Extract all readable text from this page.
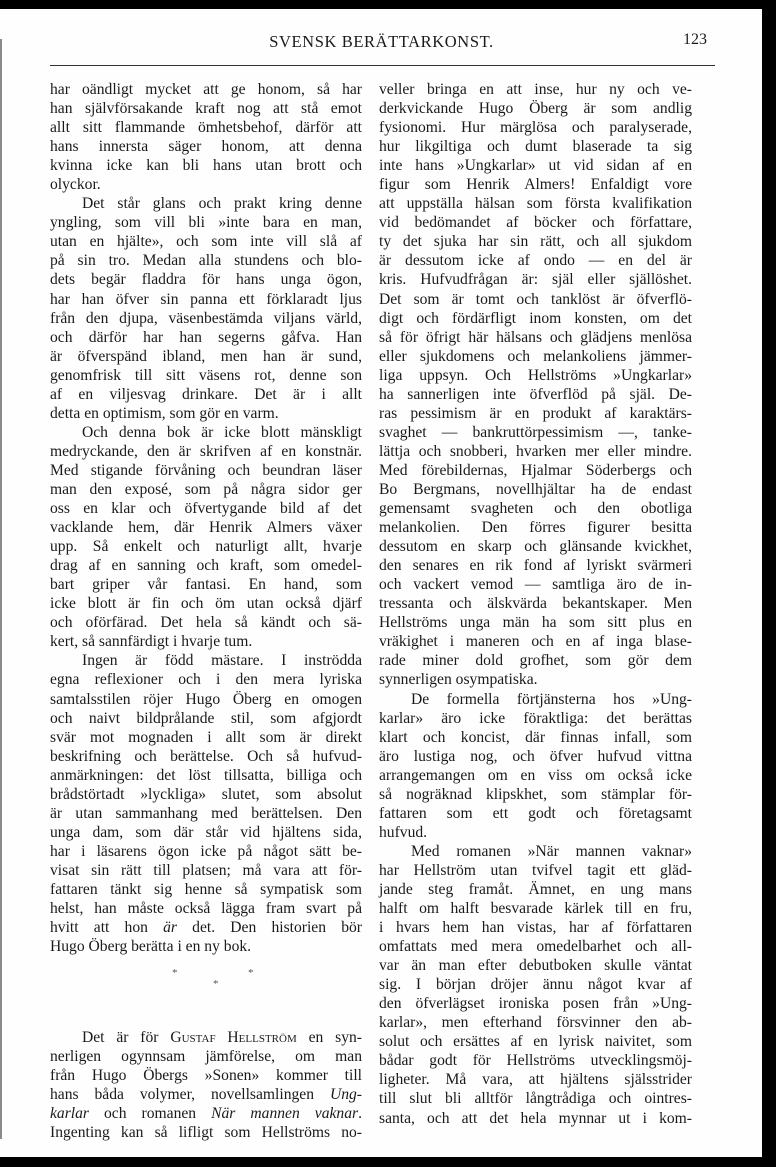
SVENSK BERÄTTARKONST.	123
har oändligt mycket att ge honom, så har
han självförsakande kraft nog att stå emot
allt sitt flammande ömhetsbehof, därför att
hans innersta säger honom, att denna
kvinna icke kan bli hans utan brott och
olyckor.
Det står glans och prakt kring denne
yngling, som vill bli »inte bara en man,
utan en hjälte», och som inte vill slå af
på sin tro. Medan alla stundens och blo-
dets begär fladdra för hans unga ögon,
har han öfver sin panna ett förklaradt ljus
från den djupa, väsenbestämda viljans värld,
och därför har han segerns gåfva. Han
är öfverspänd ibland, men han är sund,
genomfrisk till sitt väsens rot, denne son
af en viljesvag drinkare. Det är i allt
detta en optimism, som gör en varm.
Och denna bok är icke blott mänskligt
medryckande, den är skrifven af en konstnär.
Med stigande förvåning och beundran läser
man den exposé, som på några sidor ger
oss en klar och öfvertygande bild af det
vacklande hem, där Henrik Almers växer
upp. Så enkelt och naturligt allt, hvarje
drag af en sanning och kraft, som omedel-
bart griper vår fantasi. En hand, som
icke blott är fin och öm utan också djärf
och oförfärad. Det hela så kändt och sä-
kert, så sannfärdigt i hvarje tum.
Ingen är född mästare. I inströdda
egna reflexioner och i den mera lyriska
samtalsstilen röjer Hugo Öberg en omogen
och naivt bildprålande stil, som afgjordt
svär mot mognaden i allt som är direkt
beskrifning och berättelse. Och så hufvud-
anmärkningen: det löst tillsatta, billiga och
brådstörtadt »lyckliga» slutet, som absolut
är utan sammanhang med berättelsen. Den
unga dam, som där står vid hjältens sida,
har i läsarens ögon icke på något sätt be-
visat sin rätt till platsen; må vara att för-
fattaren tänkt sig henne så sympatisk som
helst, han måste också lägga fram svart på
hvitt att hon är det. Den historien bör
Hugo Öberg berätta i en ny bok.
*	*
*
Det är för Gustaf Hellström en syn-
nerligen ogynnsam jämförelse, om man
från Hugo Öbergs »Sonen» kommer till
hans båda volymer, novellsamlingen Ung-
karlar och romanen När mannen vaknar.
Ingenting kan så lifligt som Hellströms no-
veller bringa en att inse, hur ny och ve-
derkvickande Hugo Öberg är som andlig
fysionomi. Hur märglösa och paralyserade,
hur likgiltiga och dumt blaserade ta sig
inte hans »Ungkarlar» ut vid sidan af en
figur som Henrik Almers! Enfaldigt vore
att uppställa hälsan som första kvalifikation
vid bedömandet af böcker och författare,
ty det sjuka har sin rätt, och all sjukdom
är dessutom icke af ondo — en del är
kris. Hufvudfrågan är: själ eller själlöshet.
Det som är tomt och tanklöst är öfverflö-
digt och fördärfligt inom konsten, om det
så för öfrigt här hälsans och glädjens menlösa
eller sjukdomens och melankoliens jämmer-
liga uppsyn. Och Hellströms »Ungkarlar»
ha sannerligen inte öfverflöd på själ. De-
ras pessimism är en produkt af karaktärs-
svaghet — bankruttörpessimism —, tanke-
lättja och snobberi, hvarken mer eller mindre.
Med förebildernas, Hjalmar Söderbergs och
Bo Bergmans, novellhjältar ha de endast
gemensamt svagheten och den obotliga
melankolien. Den förres figurer besitta
dessutom en skarp och glänsande kvickhet,
den senares en rik fond af lyriskt svärmeri
och vackert vemod — samtliga äro de in-
tressanta och älskvärda bekantskaper. Men
Hellströms unga män ha som sitt plus en
vräkighet i maneren och en af inga blase-
rade miner dold grofhet, som gör dem
synnerligen osympatiska.
De formella förtjänsterna hos »Ung-
karlar» äro icke föraktliga: det berättas
klart och koncist, där finnas infall, som
äro lustiga nog, och öfver hufvud vittna
arrangemangen om en viss om också icke
så nogräknad klipskhet, som stämplar för-
fattaren som ett godt och företagsamt
hufvud.
Med romanen »När mannen vaknar»
har Hellström utan tvifvel tagit ett gläd-
jande steg framåt. Ämnet, en ung mans
halft om halft besvarade kärlek till en fru,
i hvars hem han vistas, har af författaren
omfattats med mera omedelbarhet och all-
var än man efter debutboken skulle väntat
sig. I början dröjer ännu något kvar af
den öfverlägset ironiska posen från »Ung-
karlar», men efterhand försvinner den ab-
solut och ersättes af en lyrisk naivitet, som
bådar godt för Hellströms utvecklingsmöj-
ligheter. Må vara, att hjältens själsstrider
till slut bli alltför långtrådiga och ointres-
santa, och att det hela mynnar ut i kom-
